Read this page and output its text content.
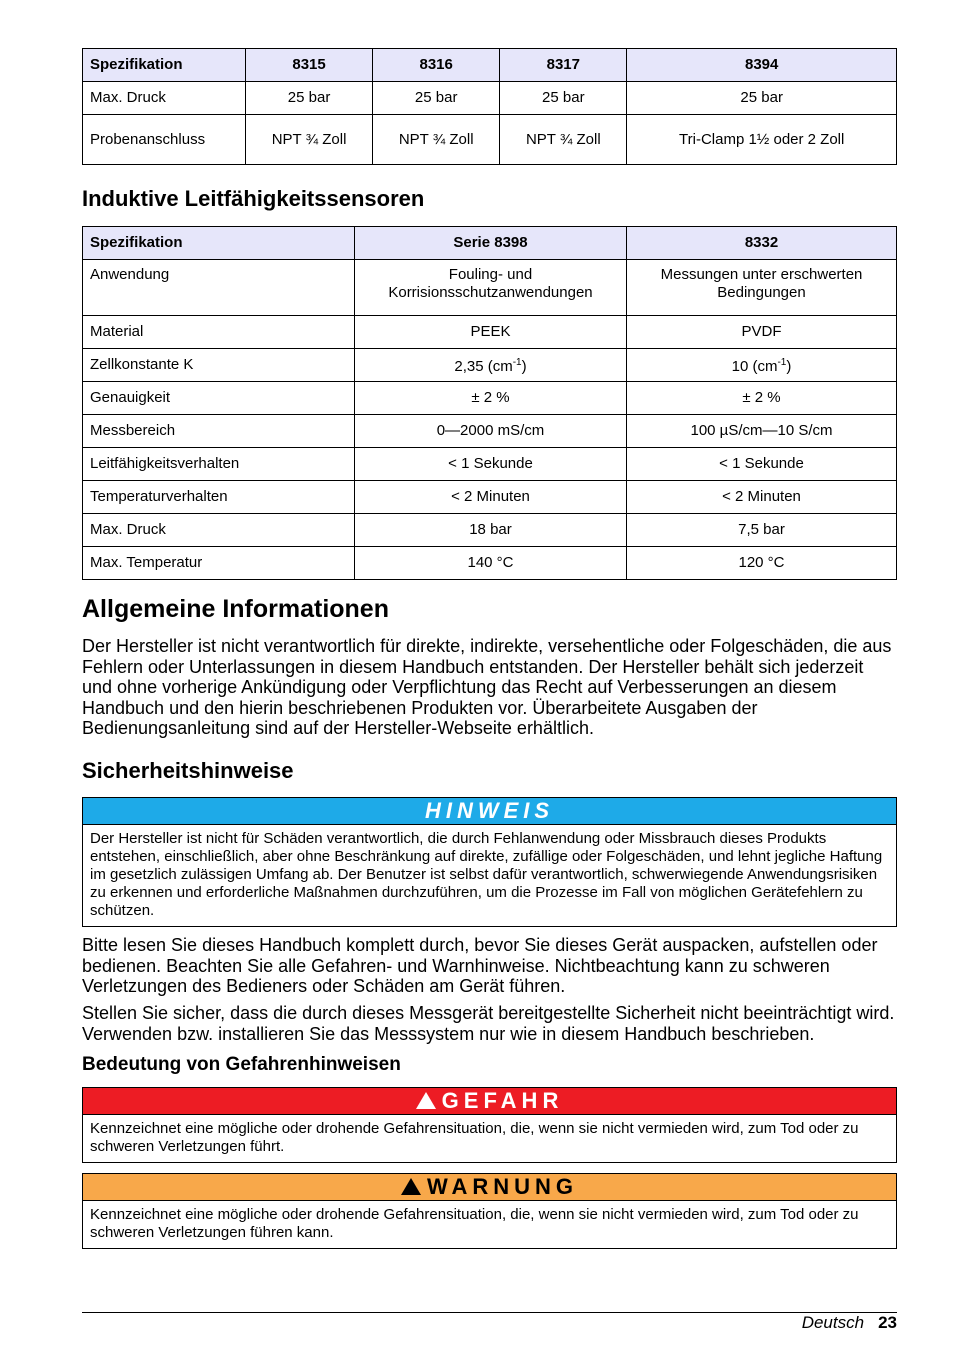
Spezifikation	8315	8316	8317	8394
Max. Druck	25 bar	25 bar	25 bar	25 bar
Probenanschluss	NPT ¾ Zoll	NPT ¾ Zoll	NPT ¾ Zoll	Tri-Clamp 1½ oder 2 Zoll
Induktive Leitfähigkeitssensoren
Spezifikation	Serie 8398	8332
Anwendung	Fouling- und Korrisionsschutzanwendungen	Messungen unter erschwerten Bedingungen
Material	PEEK	PVDF
Zellkonstante K	2,35 $(cm^{-1})$	10 $(cm^{-1})$
Genauigkeit	± 2 %	± 2 %
Messbereich	0—2000 mS/cm	100 µS/cm—10 S/cm
Leitfähigkeitsverhalten	< 1 Sekunde	< 1 Sekunde
Temperaturverhalten	< 2 Minuten	< 2 Minuten
Max. Druck	18 bar	7,5 bar
Max. Temperatur	140 °C	120 °C
Allgemeine Informationen

Der Hersteller ist nicht verantwortlich für direkte, indirekte, versehentliche oder Folgeschäden, die aus Fehlern oder Unterlassungen in diesem Handbuch entstanden. Der Hersteller behält sich jederzeit und ohne vorherige Ankündigung oder Verpflichtung das Recht auf Verbesserungen an diesem Handbuch und den hierin beschriebenen Produkten vor. Überarbeitete Ausgaben der Bedienungsanleitung sind auf der Hersteller-Webseite erhältlich.

Sicherheitshinweise
HINWEIS
Der Hersteller ist nicht für Schäden verantwortlich, die durch Fehlanwendung oder Missbrauch dieses Produkts entstehen, einschließlich, aber ohne Beschränkung auf direkte, zufällige oder Folgeschäden, und lehnt jegliche Haftung im gesetzlich zulässigen Umfang ab. Der Benutzer ist selbst dafür verantwortlich, schwerwiegende Anwendungsrisiken zu erkennen und erforderliche Maßnahmen durchzuführen, um die Prozesse im Fall von möglichen Gerätefehlern zu schützen.

Bitte lesen Sie dieses Handbuch komplett durch, bevor Sie dieses Gerät auspacken, aufstellen oder bedienen. Beachten Sie alle Gefahren- und Warnhinweise. Nichtbeachtung kann zu schweren Verletzungen des Bedieners oder Schäden am Gerät führen.

Stellen Sie sicher, dass die durch dieses Messgerät bereitgestellte Sicherheit nicht beeinträchtigt wird. Verwenden bzw. installieren Sie das Messsystem nur wie in diesem Handbuch beschrieben.

Bedeutung von Gefahrenhinweisen
GEFAHR
Kennzeichnet eine mögliche oder drohende Gefahrensituation, die, wenn sie nicht vermieden wird, zum Tod oder zu schweren Verletzungen führt.
WARNUNG
Kennzeichnet eine mögliche oder drohende Gefahrensituation, die, wenn sie nicht vermieden wird, zum Tod oder zu schweren Verletzungen führen kann.
Deutsch 23
